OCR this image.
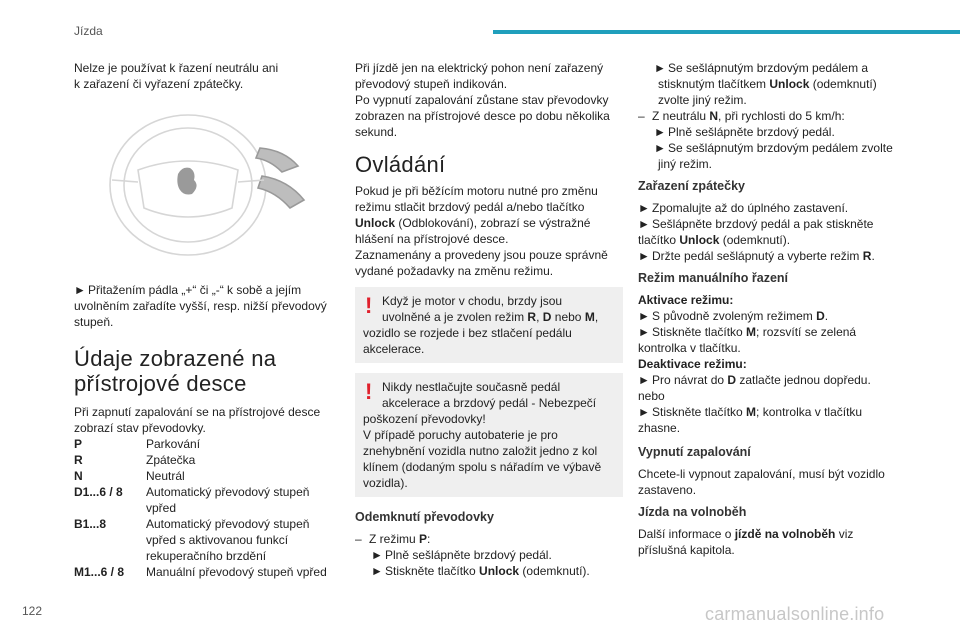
Jízda

Nelze je používat k řazení neutrálu ani

k zařazení či vyřazení zpátečky.

► Přitažením pádla „+“ či „-“ k sobě a jejím

uvolněním zařadíte vyšší, resp. nižší převodový

stupeň.

Údaje zobrazené na

přístrojové desce

Při zapnutí zapalování se na přístrojové desce

zobrazí stav převodovky.

P	Parkování
R	Zpátečka
N	Neutrál
D1...6 / 8	Automatický převodový stupeň
vpřed
B1...8	Automatický převodový stupeň
vpřed s aktivovanou funkcí
rekuperačního brzdění
M1...6 / 8	Manuální převodový stupeň vpřed

Při jízdě jen na elektrický pohon není zařazený

převodový stupeň indikován.

Po vypnutí zapalování zůstane stav převodovky

zobrazen na přístrojové desce po dobu několika

sekund.

Ovládání

Pokud je při běžícím motoru nutné pro změnu

režimu stlačit brzdový pedál a/nebo tlačítko

Unlock (Odblokování), zobrazí se výstražné

hlášení na přístrojové desce.

Zaznamenány a provedeny jsou pouze správně

vydané požadavky na změnu režimu.

! Když je motor v chodu, brzdy jsou

uvolněné a je zvolen režim R, D nebo M,

vozidlo se rozjede i bez stlačení pedálu

akcelerace.

! Nikdy nestlačujte současně pedál

akcelerace a brzdový pedál - Nebezpečí

poškození převodovky!

V případě poruchy autobaterie je pro

znehybnění vozidla nutno založit jedno z kol

klínem (dodaným spolu s nářadím ve výbavě

vozidla).

Odemknutí převodovky

– Z režimu P:

► Plně sešlápněte brzdový pedál.

► Stiskněte tlačítko Unlock (odemknutí).

► Se sešlápnutým brzdovým pedálem a

stisknutým tlačítkem Unlock (odemknutí)

zvolte jiný režim.

– Z neutrálu N, při rychlosti do 5 km/h:

► Plně sešlápněte brzdový pedál.

► Se sešlápnutým brzdovým pedálem zvolte

jiný režim.

Zařazení zpátečky

► Zpomalujte až do úplného zastavení.

► Sešlápněte brzdový pedál a pak stiskněte

tlačítko Unlock (odemknutí).

► Držte pedál sešlápnutý a vyberte režim R.

Režim manuálního řazení

Aktivace režimu:

► S původně zvoleným režimem D.

► Stiskněte tlačítko M; rozsvítí se zelená

kontrolka v tlačítku.

Deaktivace režimu:

► Pro návrat do D zatlačte jednou dopředu.

nebo

► Stiskněte tlačítko M; kontrolka v tlačítku

zhasne.

Vypnutí zapalování

Chcete-li vypnout zapalování, musí být vozidlo

zastaveno.

Jízda na volnoběh

Další informace o jízdě na volnoběh viz

příslušná kapitola.

122	carmanualsonline.info
